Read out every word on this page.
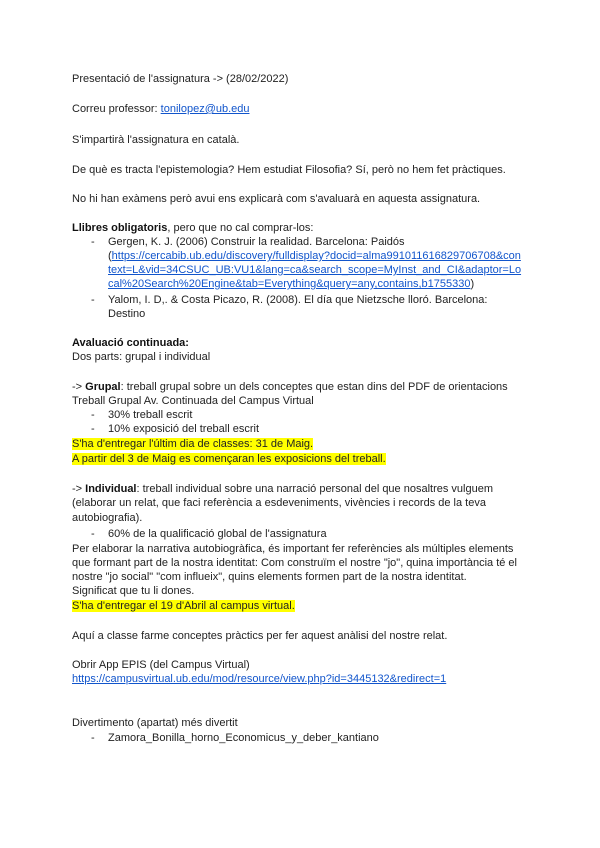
Presentació de l'assignatura -> (28/02/2022)
Correu professor: tonilopez@ub.edu
S'impartirà l'assignatura en català.
De què es tracta l'epistemologia? Hem estudiat Filosofia? Sí, però no hem fet pràctiques.
No hi han exàmens però avui ens explicarà com s'avaluarà en aquesta assignatura.
Llibres obligatoris, pero que no cal comprar-los:
- Gergen, K. J. (2006) Construir la realidad. Barcelona: Paidós
(https://cercabib.ub.edu/discovery/fulldisplay?docid=alma991011616829706708&con
text=L&vid=34CSUC_UB:VU1&lang=ca&search_scope=MyInst_and_CI&adaptor=Lo
cal%20Search%20Engine&tab=Everything&query=any,contains,b1755330)
- Yalom, I. D,. & Costa Picazo, R. (2008). El día que Nietzsche lloró. Barcelona:
Destino
Avaluació continuada:
Dos parts: grupal i individual
-> Grupal: treball grupal sobre un dels conceptes que estan dins del PDF de orientacions
Treball Grupal Av. Continuada del Campus Virtual
- 30% treball escrit
- 10% exposició del treball escrit
S'ha d'entregar l'últim dia de classes: 31 de Maig.
A partir del 3 de Maig es començaran les exposicions del treball.
-> Individual: treball individual sobre una narració personal del que nosaltres vulguem
(elaborar un relat, que faci referència a esdeveniments, vivències i records de la teva
autobiografia).
- 60% de la qualificació global de l'assignatura
Per elaborar la narrativa autobiogràfica, és important fer referències als múltiples elements
que formant part de la nostra identitat: Com construïm el nostre "jo", quina importància té el
nostre "jo social" "com influeix", quins elements formen part de la nostra identitat.
Significat que tu li dones.
S'ha d'entregar el 19 d'Abril al campus virtual.
Aquí a classe farme conceptes pràctics per fer aquest anàlisi del nostre relat.
Obrir App EPIS (del Campus Virtual)
https://campusvirtual.ub.edu/mod/resource/view.php?id=3445132&redirect=1
Divertimento (apartat) més divertit
- Zamora_Bonilla_horno_Economicus_y_deber_kantiano
